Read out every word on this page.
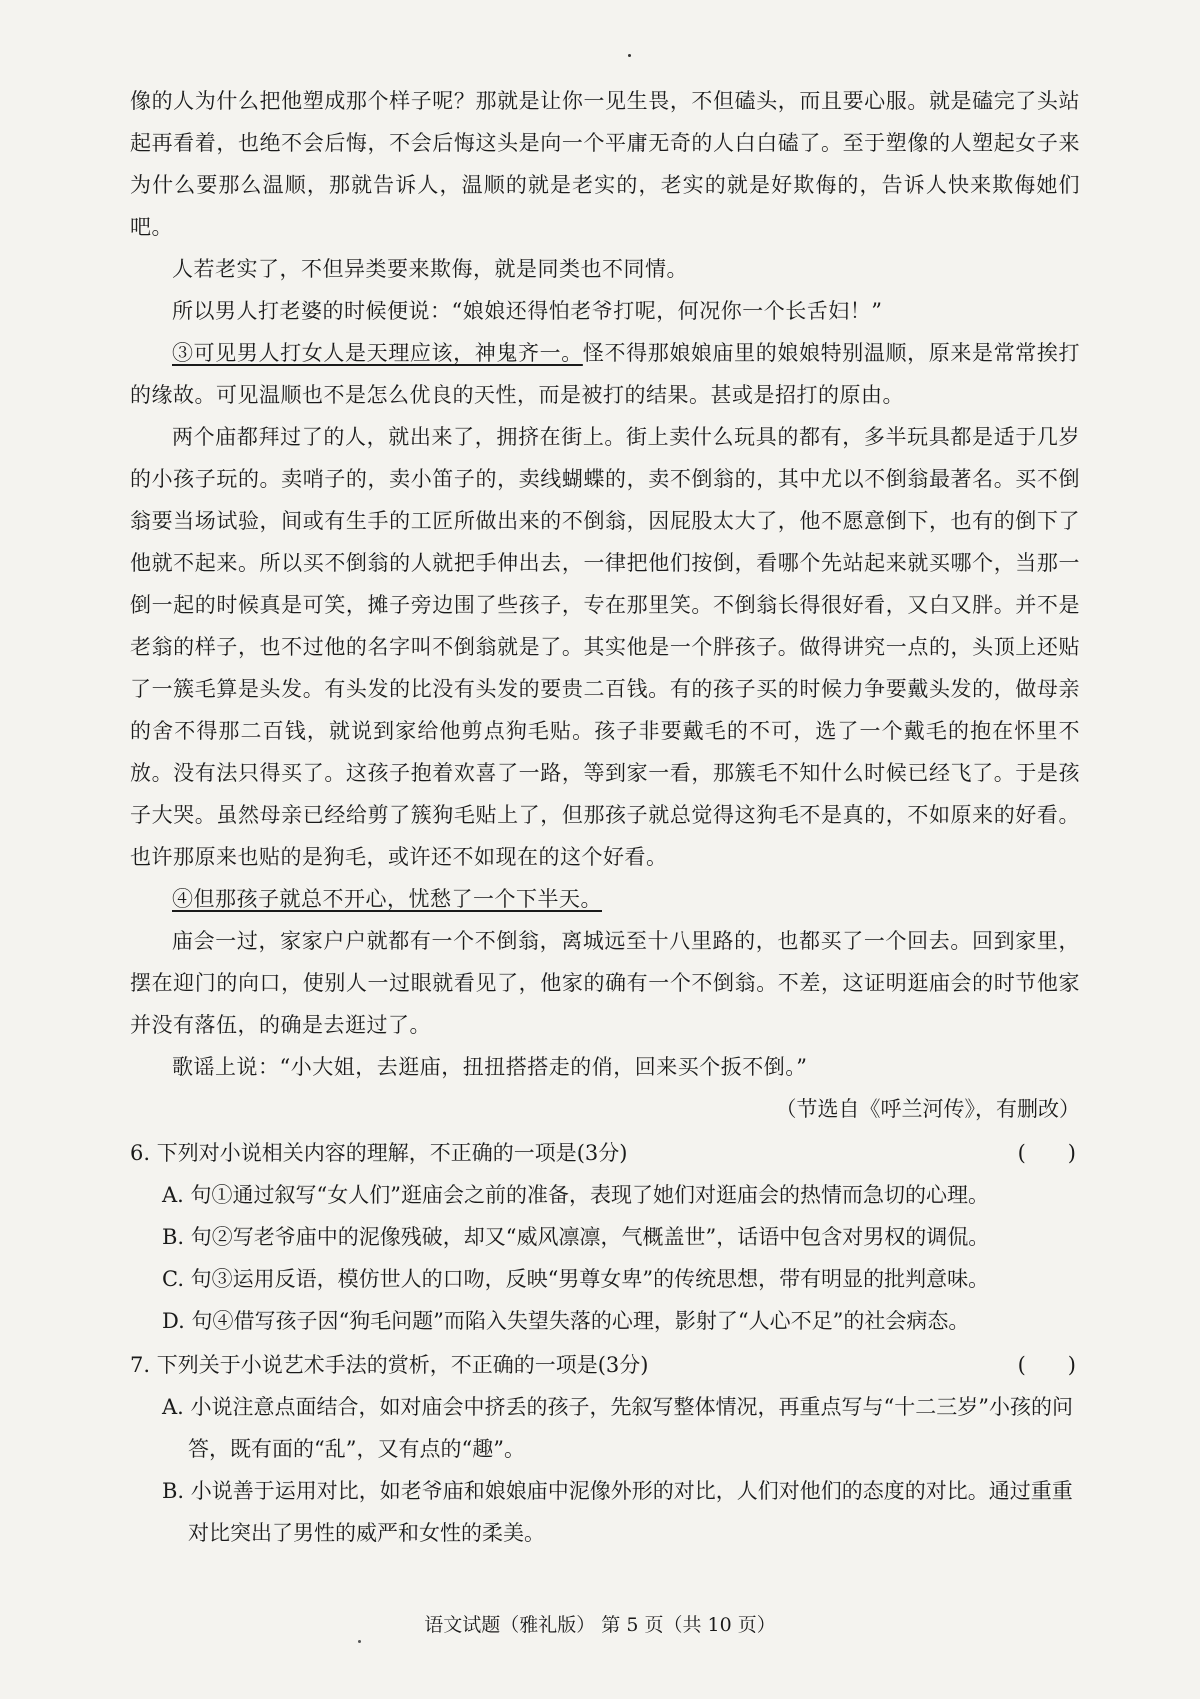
像的人为什么把他塑成那个样子呢？那就是让你一见生畏，不但磕头，而且要心服。就是磕完了头站起再看着，也绝不会后悔，不会后悔这头是向一个平庸无奇的人白白磕了。至于塑像的人塑起女子来为什么要那么温顺，那就告诉人，温顺的就是老实的，老实的就是好欺侮的，告诉人快来欺侮她们吧。

人若老实了，不但异类要来欺侮，就是同类也不同情。

所以男人打老婆的时候便说：“娘娘还得怕老爷打呢，何况你一个长舌妇！”

③可见男人打女人是天理应该，神鬼齐一。怪不得那娘娘庙里的娘娘特别温顺，原来是常常挨打的缘故。可见温顺也不是怎么优良的天性，而是被打的结果。甚或是招打的原由。

两个庙都拜过了的人，就出来了，拥挤在街上。街上卖什么玩具的都有，多半玩具都是适于几岁的小孩子玩的。卖哨子的，卖小笛子的，卖线蝴蝶的，卖不倒翁的，其中尤以不倒翁最著名。买不倒翁要当场试验，间或有生手的工匠所做出来的不倒翁，因屁股太大了，他不愿意倒下，也有的倒下了他就不起来。所以买不倒翁的人就把手伸出去，一律把他们按倒，看哪个先站起来就买哪个，当那一倒一起的时候真是可笑，摊子旁边围了些孩子，专在那里笑。不倒翁长得很好看，又白又胖。并不是老翁的样子，也不过他的名字叫不倒翁就是了。其实他是一个胖孩子。做得讲究一点的，头顶上还贴了一簇毛算是头发。有头发的比没有头发的要贵二百钱。有的孩子买的时候力争要戴头发的，做母亲的舍不得那二百钱，就说到家给他剪点狗毛贴。孩子非要戴毛的不可，选了一个戴毛的抱在怀里不放。没有法只得买了。这孩子抱着欢喜了一路，等到家一看，那簇毛不知什么时候已经飞了。于是孩子大哭。虽然母亲已经给剪了簇狗毛贴上了，但那孩子就总觉得这狗毛不是真的，不如原来的好看。也许那原来也贴的是狗毛，或许还不如现在的这个好看。

④但那孩子就总不开心，忧愁了一个下半天。

庙会一过，家家户户就都有一个不倒翁，离城远至十八里路的，也都买了一个回去。回到家里，摆在迎门的向口，使别人一过眼就看见了，他家的确有一个不倒翁。不差，这证明逛庙会的时节他家并没有落伍，的确是去逛过了。

歌谣上说：“小大姐，去逛庙，扭扭搭搭走的俏，回来买个扳不倒。”

（节选自《呼兰河传》，有删改）

6. 下列对小说相关内容的理解，不正确的一项是(3分)	(　　)

A. 句①通过叙写“女人们”逛庙会之前的准备，表现了她们对逛庙会的热情而急切的心理。

B. 句②写老爷庙中的泥像残破，却又“威风凛凛，气概盖世”，话语中包含对男权的调侃。

C. 句③运用反语，模仿世人的口吻，反映“男尊女卑”的传统思想，带有明显的批判意味。

D. 句④借写孩子因“狗毛问题”而陷入失望失落的心理，影射了“人心不足”的社会病态。

7. 下列关于小说艺术手法的赏析，不正确的一项是(3分)	(　　)

A. 小说注意点面结合，如对庙会中挤丢的孩子，先叙写整体情况，再重点写与“十二三岁”小孩的问答，既有面的“乱”，又有点的“趣”。

B. 小说善于运用对比，如老爷庙和娘娘庙中泥像外形的对比，人们对他们的态度的对比。通过重重对比突出了男性的威严和女性的柔美。

语文试题（雅礼版） 第 5 页（共 10 页）
